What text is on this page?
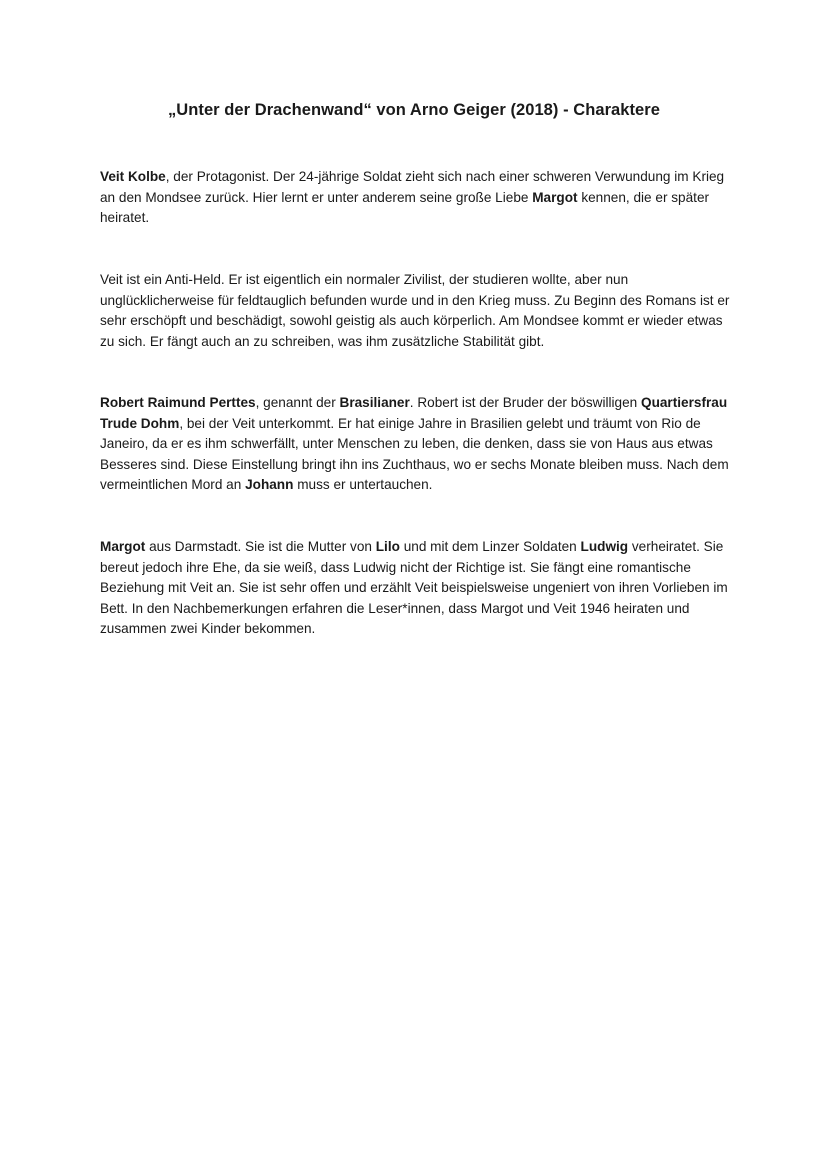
„Unter der Drachenwand“ von Arno Geiger (2018) - Charaktere

Veit Kolbe, der Protagonist. Der 24-jährige Soldat zieht sich nach einer schweren Verwundung im Krieg an den Mondsee zurück. Hier lernt er unter anderem seine große Liebe Margot kennen, die er später heiratet.

Veit ist ein Anti-Held. Er ist eigentlich ein normaler Zivilist, der studieren wollte, aber nun unglücklicherweise für feldtauglich befunden wurde und in den Krieg muss. Zu Beginn des Romans ist er sehr erschöpft und beschädigt, sowohl geistig als auch körperlich. Am Mondsee kommt er wieder etwas zu sich. Er fängt auch an zu schreiben, was ihm zusätzliche Stabilität gibt.

Robert Raimund Perttes, genannt der Brasilianer. Robert ist der Bruder der böswilligen Quartiersfrau Trude Dohm, bei der Veit unterkommt. Er hat einige Jahre in Brasilien gelebt und träumt von Rio de Janeiro, da er es ihm schwerfällt, unter Menschen zu leben, die denken, dass sie von Haus aus etwas Besseres sind. Diese Einstellung bringt ihn ins Zuchthaus, wo er sechs Monate bleiben muss. Nach dem vermeintlichen Mord an Johann muss er untertauchen.

Margot aus Darmstadt. Sie ist die Mutter von Lilo und mit dem Linzer Soldaten Ludwig verheiratet. Sie bereut jedoch ihre Ehe, da sie weiß, dass Ludwig nicht der Richtige ist. Sie fängt eine romantische Beziehung mit Veit an. Sie ist sehr offen und erzählt Veit beispielsweise ungeniert von ihren Vorlieben im Bett. In den Nachbemerkungen erfahren die Leser*innen, dass Margot und Veit 1946 heiraten und zusammen zwei Kinder bekommen.
